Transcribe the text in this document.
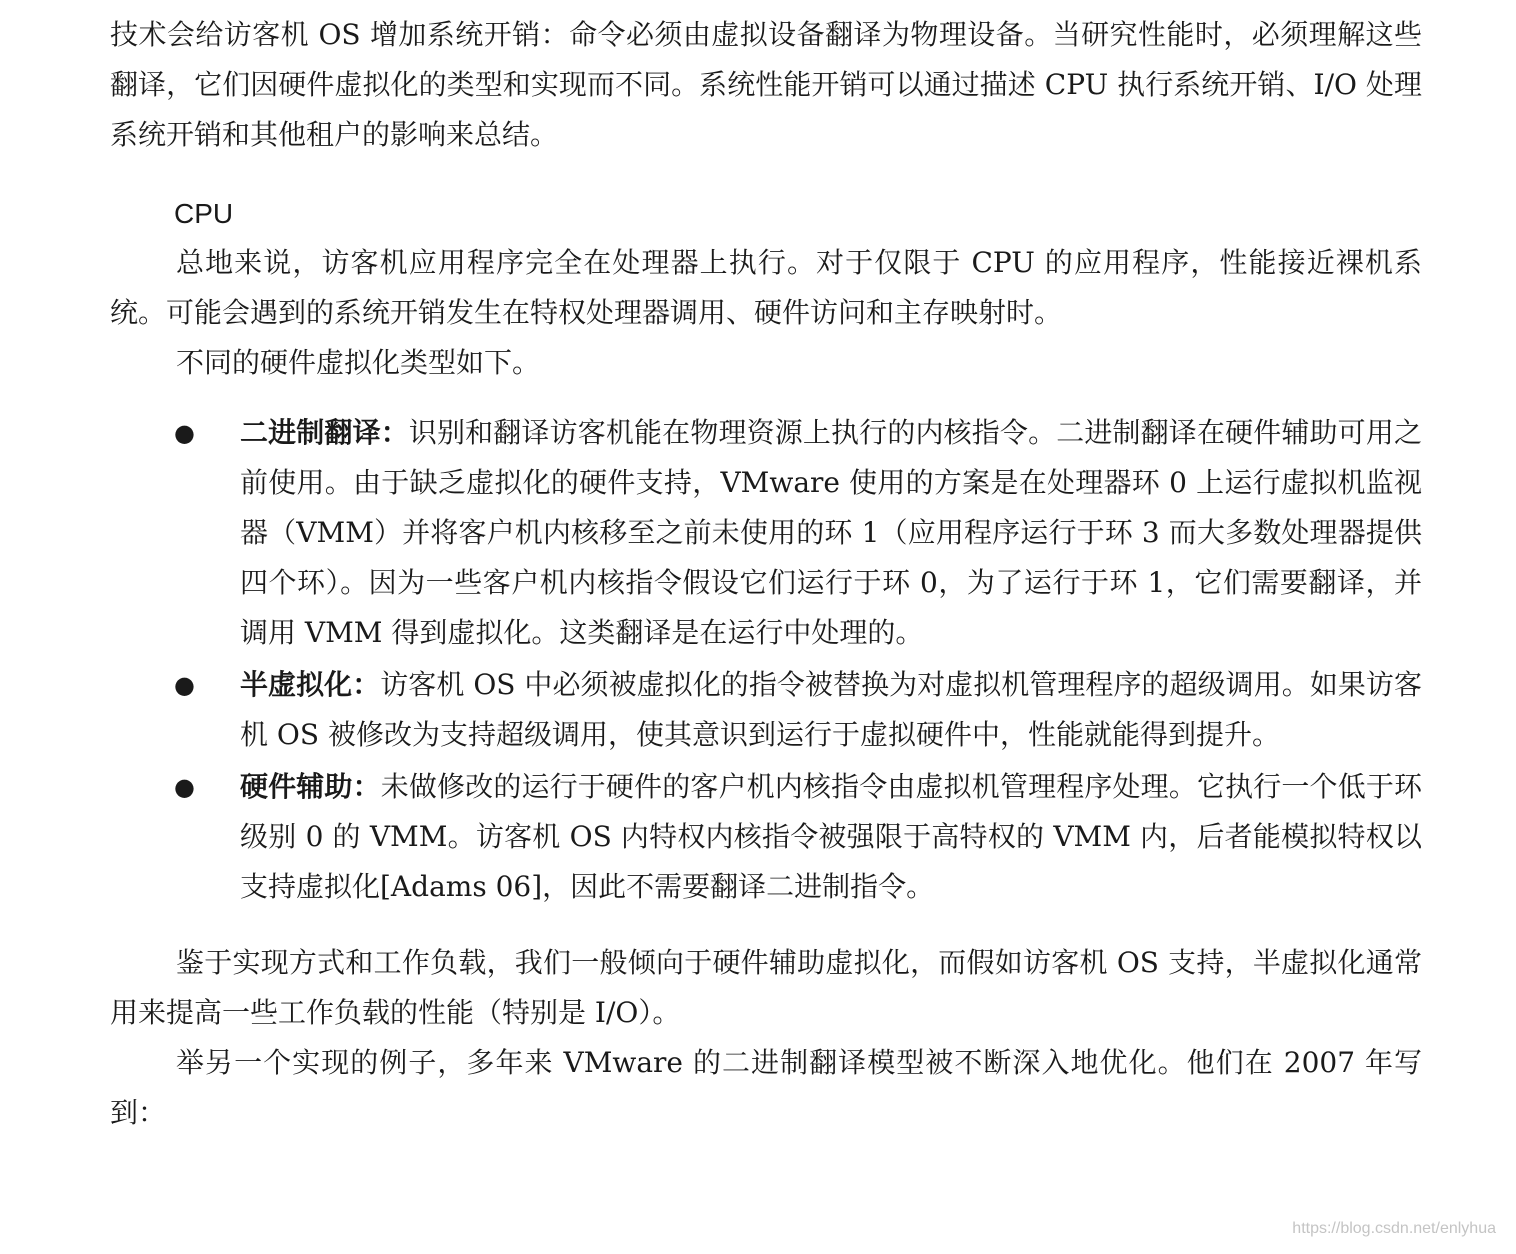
技术会给访客机 OS 增加系统开销：命令必须由虚拟设备翻译为物理设备。当研究性能时，必须理解这些翻译，它们因硬件虚拟化的类型和实现而不同。系统性能开销可以通过描述 CPU 执行系统开销、I/O 处理系统开销和其他租户的影响来总结。

CPU

总地来说，访客机应用程序完全在处理器上执行。对于仅限于 CPU 的应用程序，性能接近裸机系统。可能会遇到的系统开销发生在特权处理器调用、硬件访问和主存映射时。

不同的硬件虚拟化类型如下。

● 二进制翻译：识别和翻译访客机能在物理资源上执行的内核指令。二进制翻译在硬件辅助可用之前使用。由于缺乏虚拟化的硬件支持，VMware 使用的方案是在处理器环 0 上运行虚拟机监视器（VMM）并将客户机内核移至之前未使用的环 1（应用程序运行于环 3 而大多数处理器提供四个环）。因为一些客户机内核指令假设它们运行于环 0，为了运行于环 1，它们需要翻译，并调用 VMM 得到虚拟化。这类翻译是在运行中处理的。
● 半虚拟化：访客机 OS 中必须被虚拟化的指令被替换为对虚拟机管理程序的超级调用。如果访客机 OS 被修改为支持超级调用，使其意识到运行于虚拟硬件中，性能就能得到提升。
● 硬件辅助：未做修改的运行于硬件的客户机内核指令由虚拟机管理程序处理。它执行一个低于环级别 0 的 VMM。访客机 OS 内特权内核指令被强限于高特权的 VMM 内，后者能模拟特权以支持虚拟化[Adams 06]，因此不需要翻译二进制指令。

鉴于实现方式和工作负载，我们一般倾向于硬件辅助虚拟化，而假如访客机 OS 支持，半虚拟化通常用来提高一些工作负载的性能（特别是 I/O）。

举另一个实现的例子，多年来 VMware 的二进制翻译模型被不断深入地优化。他们在 2007 年写到：

https://blog.csdn.net/enlyhua
